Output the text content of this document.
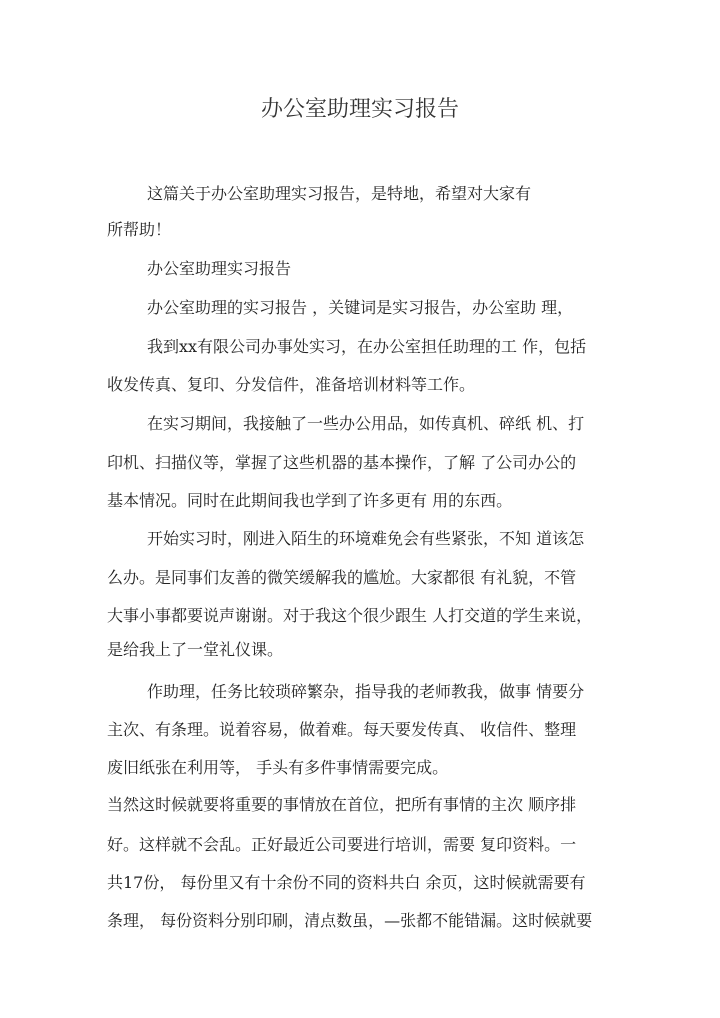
办公室助理实习报告
这篇关于办公室助理实习报告，是特地，希望对大家有
所帮助！
办公室助理实习报告
办公室助理的实习报告 ，关键词是实习报告，办公室助 理，
我到xx有限公司办事处实习，在办公室担任助理的工 作，包括
收发传真、复印、分发信件，准备培训材料等工作。
在实习期间，我接触了一些办公用品，如传真机、碎纸 机、打
印机、扫描仪等，掌握了这些机器的基本操作，了解 了公司办公的
基本情况。同时在此期间我也学到了许多更有 用的东西。
开始实习时，刚进入陌生的环境难免会有些紧张，不知 道该怎
么办。是同事们友善的微笑缓解我的尴尬。大家都很 有礼貌，不管
大事小事都要说声谢谢。对于我这个很少跟生 人打交道的学生来说，
是给我上了一堂礼仪课。
作助理，任务比较琐碎繁杂，指导我的老师教我，做事 情要分
主次、有条理。说着容易，做着难。每天要发传真、 收信件、整理
废旧纸张在利用等， 手头有多件事情需要完成。
当然这时候就要将重要的事情放在首位，把所有事情的主次 顺序排
好。这样就不会乱。正好最近公司要进行培训，需要 复印资料。一
共17份， 每份里又有十余份不同的资料共白 余页，这时候就需要有
条理， 每份资料分别印刷，清点数虽，—张都不能错漏。这时候就要
